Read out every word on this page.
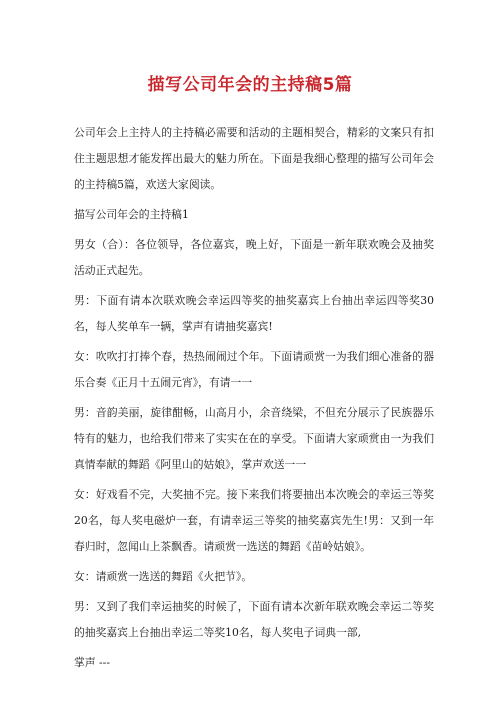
描写公司年会的主持稿5篇

公司年会上主持人的主持稿必需要和活动的主题相契合，精彩的文案只有扣住主题思想才能发挥出最大的魅力所在。下面是我细心整理的描写公司年会的主持稿5篇，欢送大家阅读。

描写公司年会的主持稿1

男女（合）：各位领导，各位嘉宾，晚上好，下面是一新年联欢晚会及抽奖活动正式起先。

男：下面有请本次联欢晚会幸运四等奖的抽奖嘉宾上台抽出幸运四等奖30名，每人奖单车一辆，掌声有请抽奖嘉宾!

女：吹吹打打捧个春，热热闹闹过个年。下面请顽赏一为我们细心准备的器乐合奏《正月十五闹元宵》，有请一一

男：音韵美丽，旋律酣畅，山高月小，余音绕梁，不但充分展示了民族器乐特有的魅力，也给我们带来了实实在在的享受。下面请大家顽赏由一为我们真情奉献的舞蹈《阿里山的姑娘》，掌声欢送一一

女：好戏看不完，大奖抽不完。接下来我们将要抽出本次晚会的幸运三等奖20名，每人奖电磁炉一套，有请幸运三等奖的抽奖嘉宾先生!男：又到一年春归时，忽闻山上茶飘香。请顽赏一选送的舞蹈《苗岭姑娘》。

女：请顽赏一选送的舞蹈《火把节》。

男：又到了我们幸运抽奖的时候了，下面有请本次新年联欢晚会幸运二等奖的抽奖嘉宾上台抽出幸运二等奖10名，每人奖电子词典一部,

掌声 ---
